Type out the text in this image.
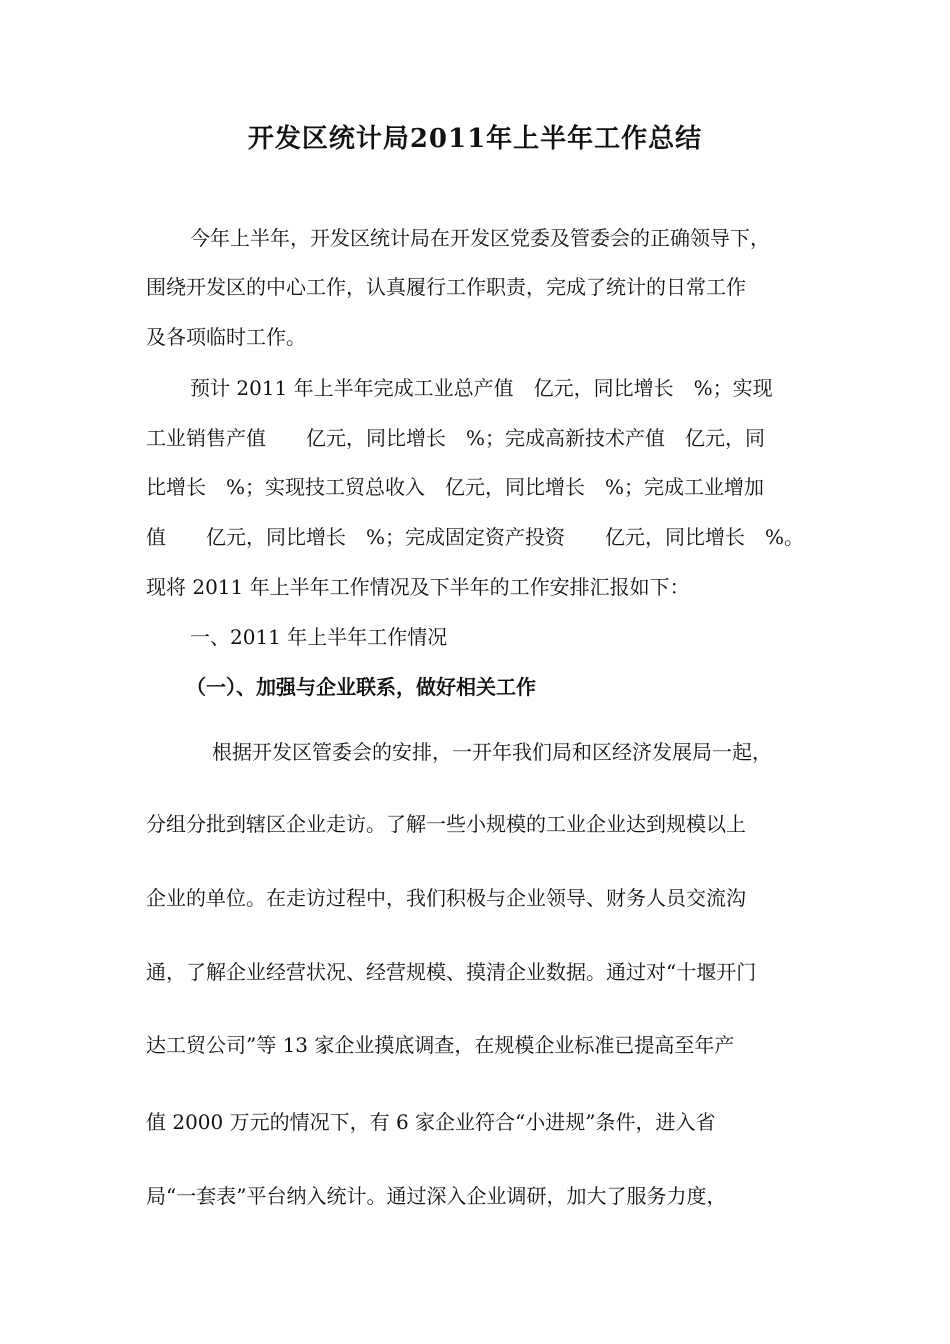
开发区统计局2011年上半年工作总结

今年上半年，开发区统计局在开发区党委及管委会的正确领导下，

围绕开发区的中心工作，认真履行工作职责，完成了统计的日常工作

及各项临时工作。

预计 2011 年上半年完成工业总产值　亿元，同比增长　%；实现

工业销售产值　　亿元，同比增长　%；完成高新技术产值　亿元，同

比增长　%；实现技工贸总收入　亿元，同比增长　%；完成工业增加

值　　亿元，同比增长　%；完成固定资产投资　　亿元，同比增长　%。

现将 2011 年上半年工作情况及下半年的工作安排汇报如下：

一、2011 年上半年工作情况

（一）、加强与企业联系，做好相关工作

根据开发区管委会的安排，一开年我们局和区经济发展局一起，

分组分批到辖区企业走访。了解一些小规模的工业企业达到规模以上

企业的单位。在走访过程中，我们积极与企业领导、财务人员交流沟

通，了解企业经营状况、经营规模、摸清企业数据。通过对“十堰开门

达工贸公司”等 13 家企业摸底调查，在规模企业标准已提高至年产

值 2000 万元的情况下，有 6 家企业符合“小进规”条件，进入省

局“一套表”平台纳入统计。通过深入企业调研，加大了服务力度，
